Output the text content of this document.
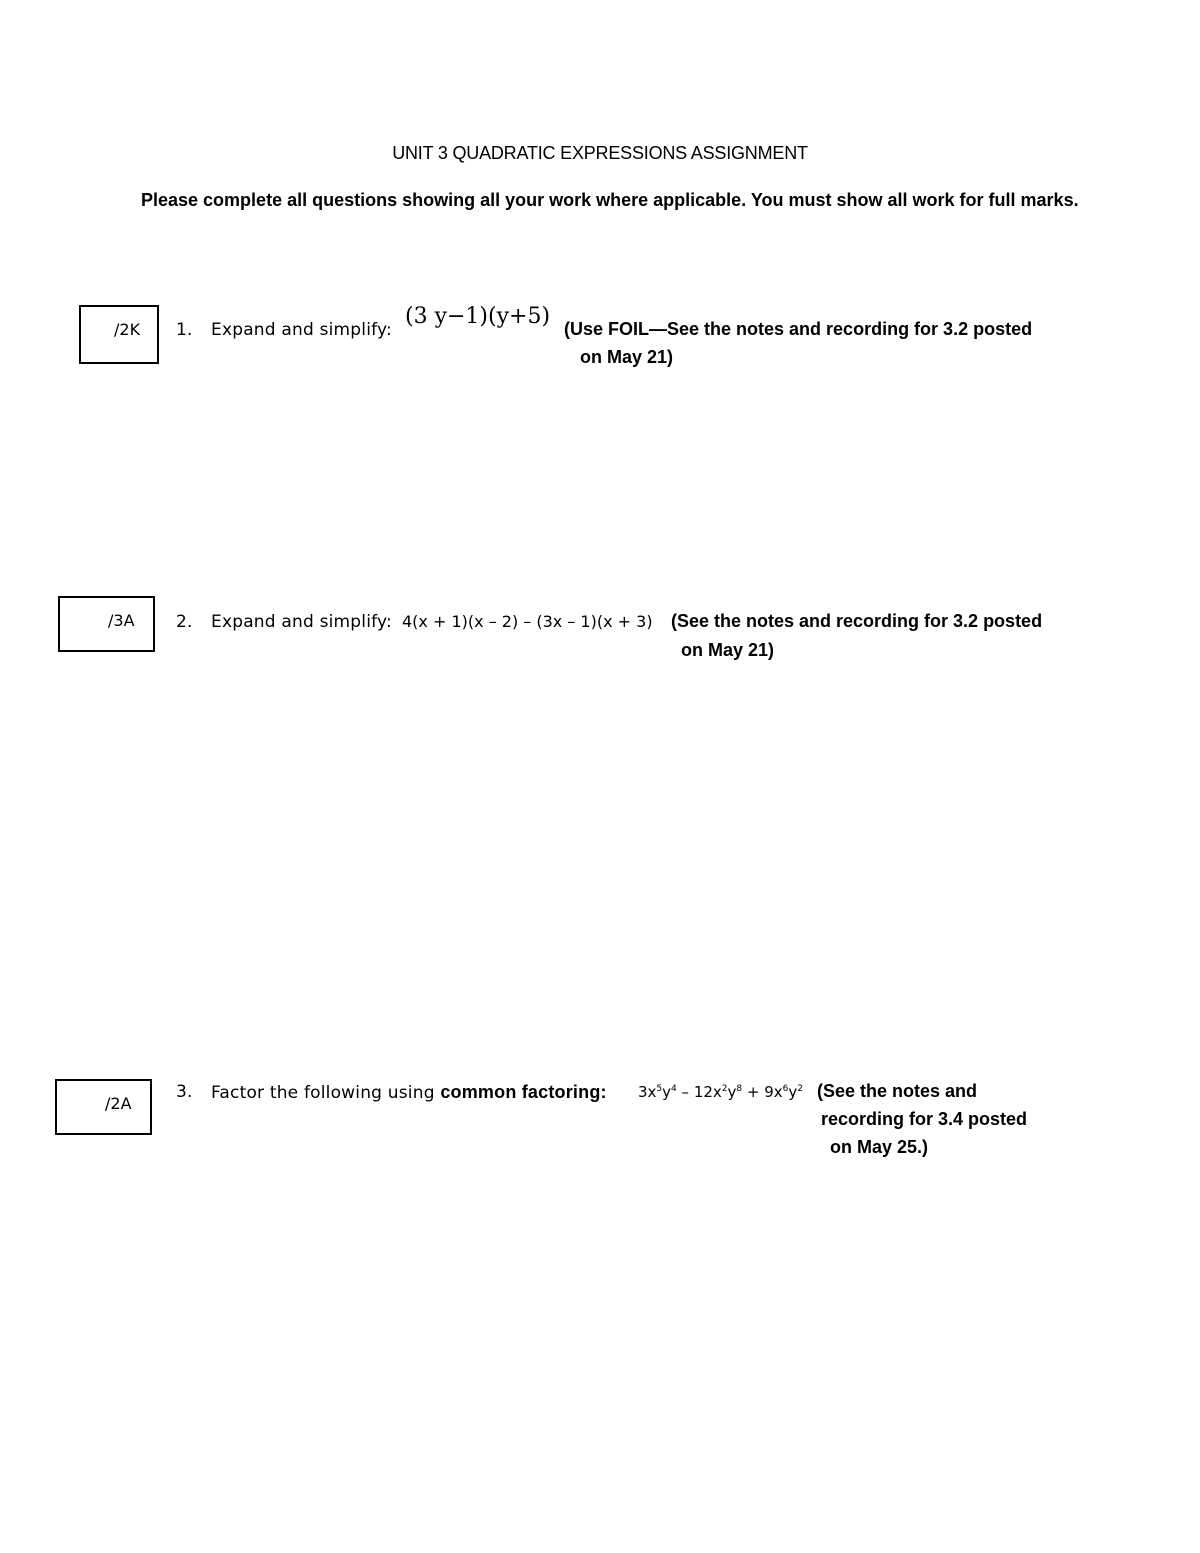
UNIT 3 QUADRATIC EXPRESSIONS ASSIGNMENT
Please complete all questions showing all your work where applicable. You must show all work for full marks.
/2K 1. Expand and simplify:
(3 y−1)(y+5) (Use FOIL—See the notes and recording for 3.2 posted
on May 21)
/3A 2. Expand and simplify: 4(x + 1)(x – 2) – (3x – 1)(x + 3) (See the notes and recording for 3.2 posted
on May 21)
/2A
3. Factor the following using common factoring: $3x^5y^4 - 12x^2y^8 + 9x^6y^2$ (See the notes and
recording for 3.4 posted
on May 25.)
